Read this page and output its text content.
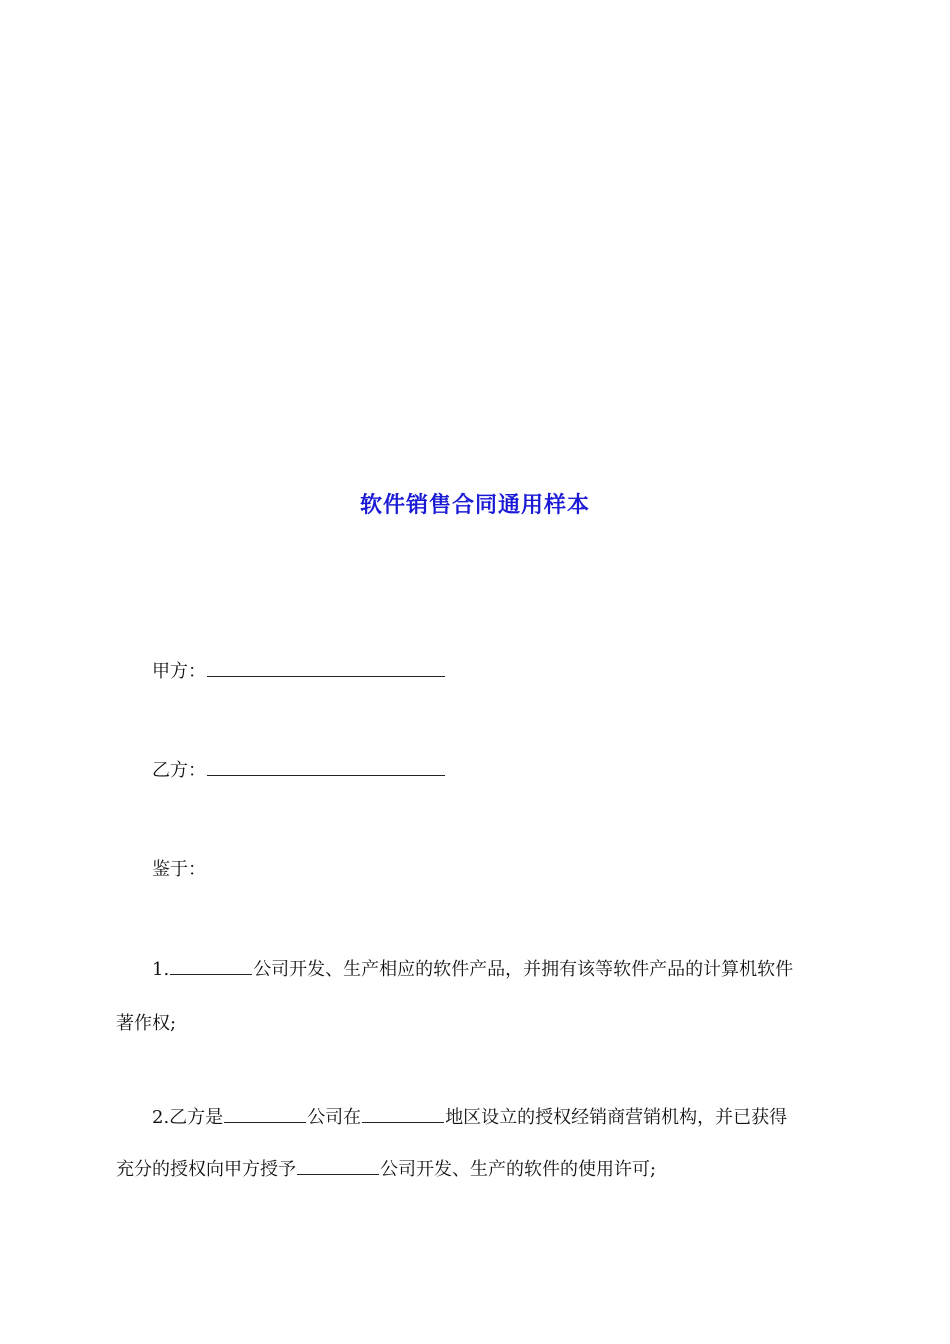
软件销售合同通用样本
甲方：
乙方：
鉴于：
1.	公司开发、生产相应的软件产品，并拥有该等软件产品的计算机软件
著作权;
2.乙方是	公司在	地区设立的授权经销商营销机构，并已获得
充分的授权向甲方授予	公司开发、生产的软件的使用许可;
